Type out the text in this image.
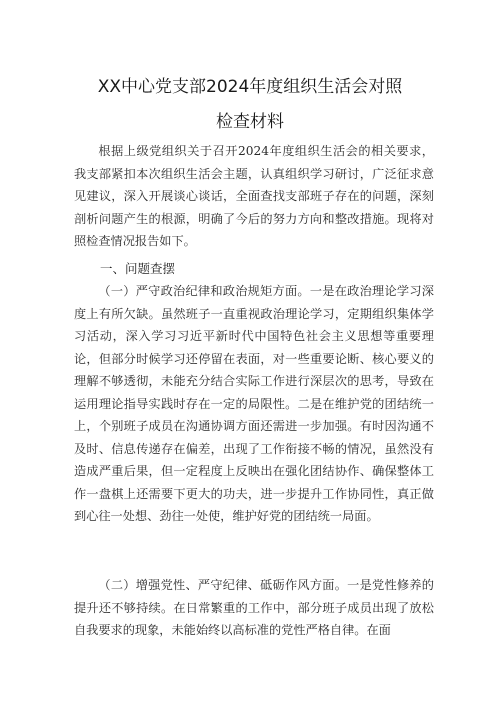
XX中心党支部2024年度组织生活会对照
检查材料

根据上级党组织关于召开2024年度组织生活会的相关要求，我支部紧扣本次组织生活会主题，认真组织学习研讨，广泛征求意见建议，深入开展谈心谈话，全面查找支部班子存在的问题，深刻剖析问题产生的根源，明确了今后的努力方向和整改措施。现将对照检查情况报告如下。

一、问题查摆

（一）严守政治纪律和政治规矩方面。一是在政治理论学习深度上有所欠缺。虽然班子一直重视政治理论学习，定期组织集体学习活动，深入学习习近平新时代中国特色社会主义思想等重要理论，但部分时候学习还停留在表面，对一些重要论断、核心要义的理解不够透彻，未能充分结合实际工作进行深层次的思考，导致在运用理论指导实践时存在一定的局限性。二是在维护党的团结统一上，个别班子成员在沟通协调方面还需进一步加强。有时因沟通不及时、信息传递存在偏差，出现了工作衔接不畅的情况，虽然没有造成严重后果，但一定程度上反映出在强化团结协作、确保整体工作一盘棋上还需要下更大的功夫，进一步提升工作协同性，真正做到心往一处想、劲往一处使，维护好党的团结统一局面。

（二）增强党性、严守纪律、砥砺作风方面。一是党性修养的提升还不够持续。在日常繁重的工作中，部分班子成员出现了放松自我要求的现象，未能始终以高标准的党性严格自律。在面
